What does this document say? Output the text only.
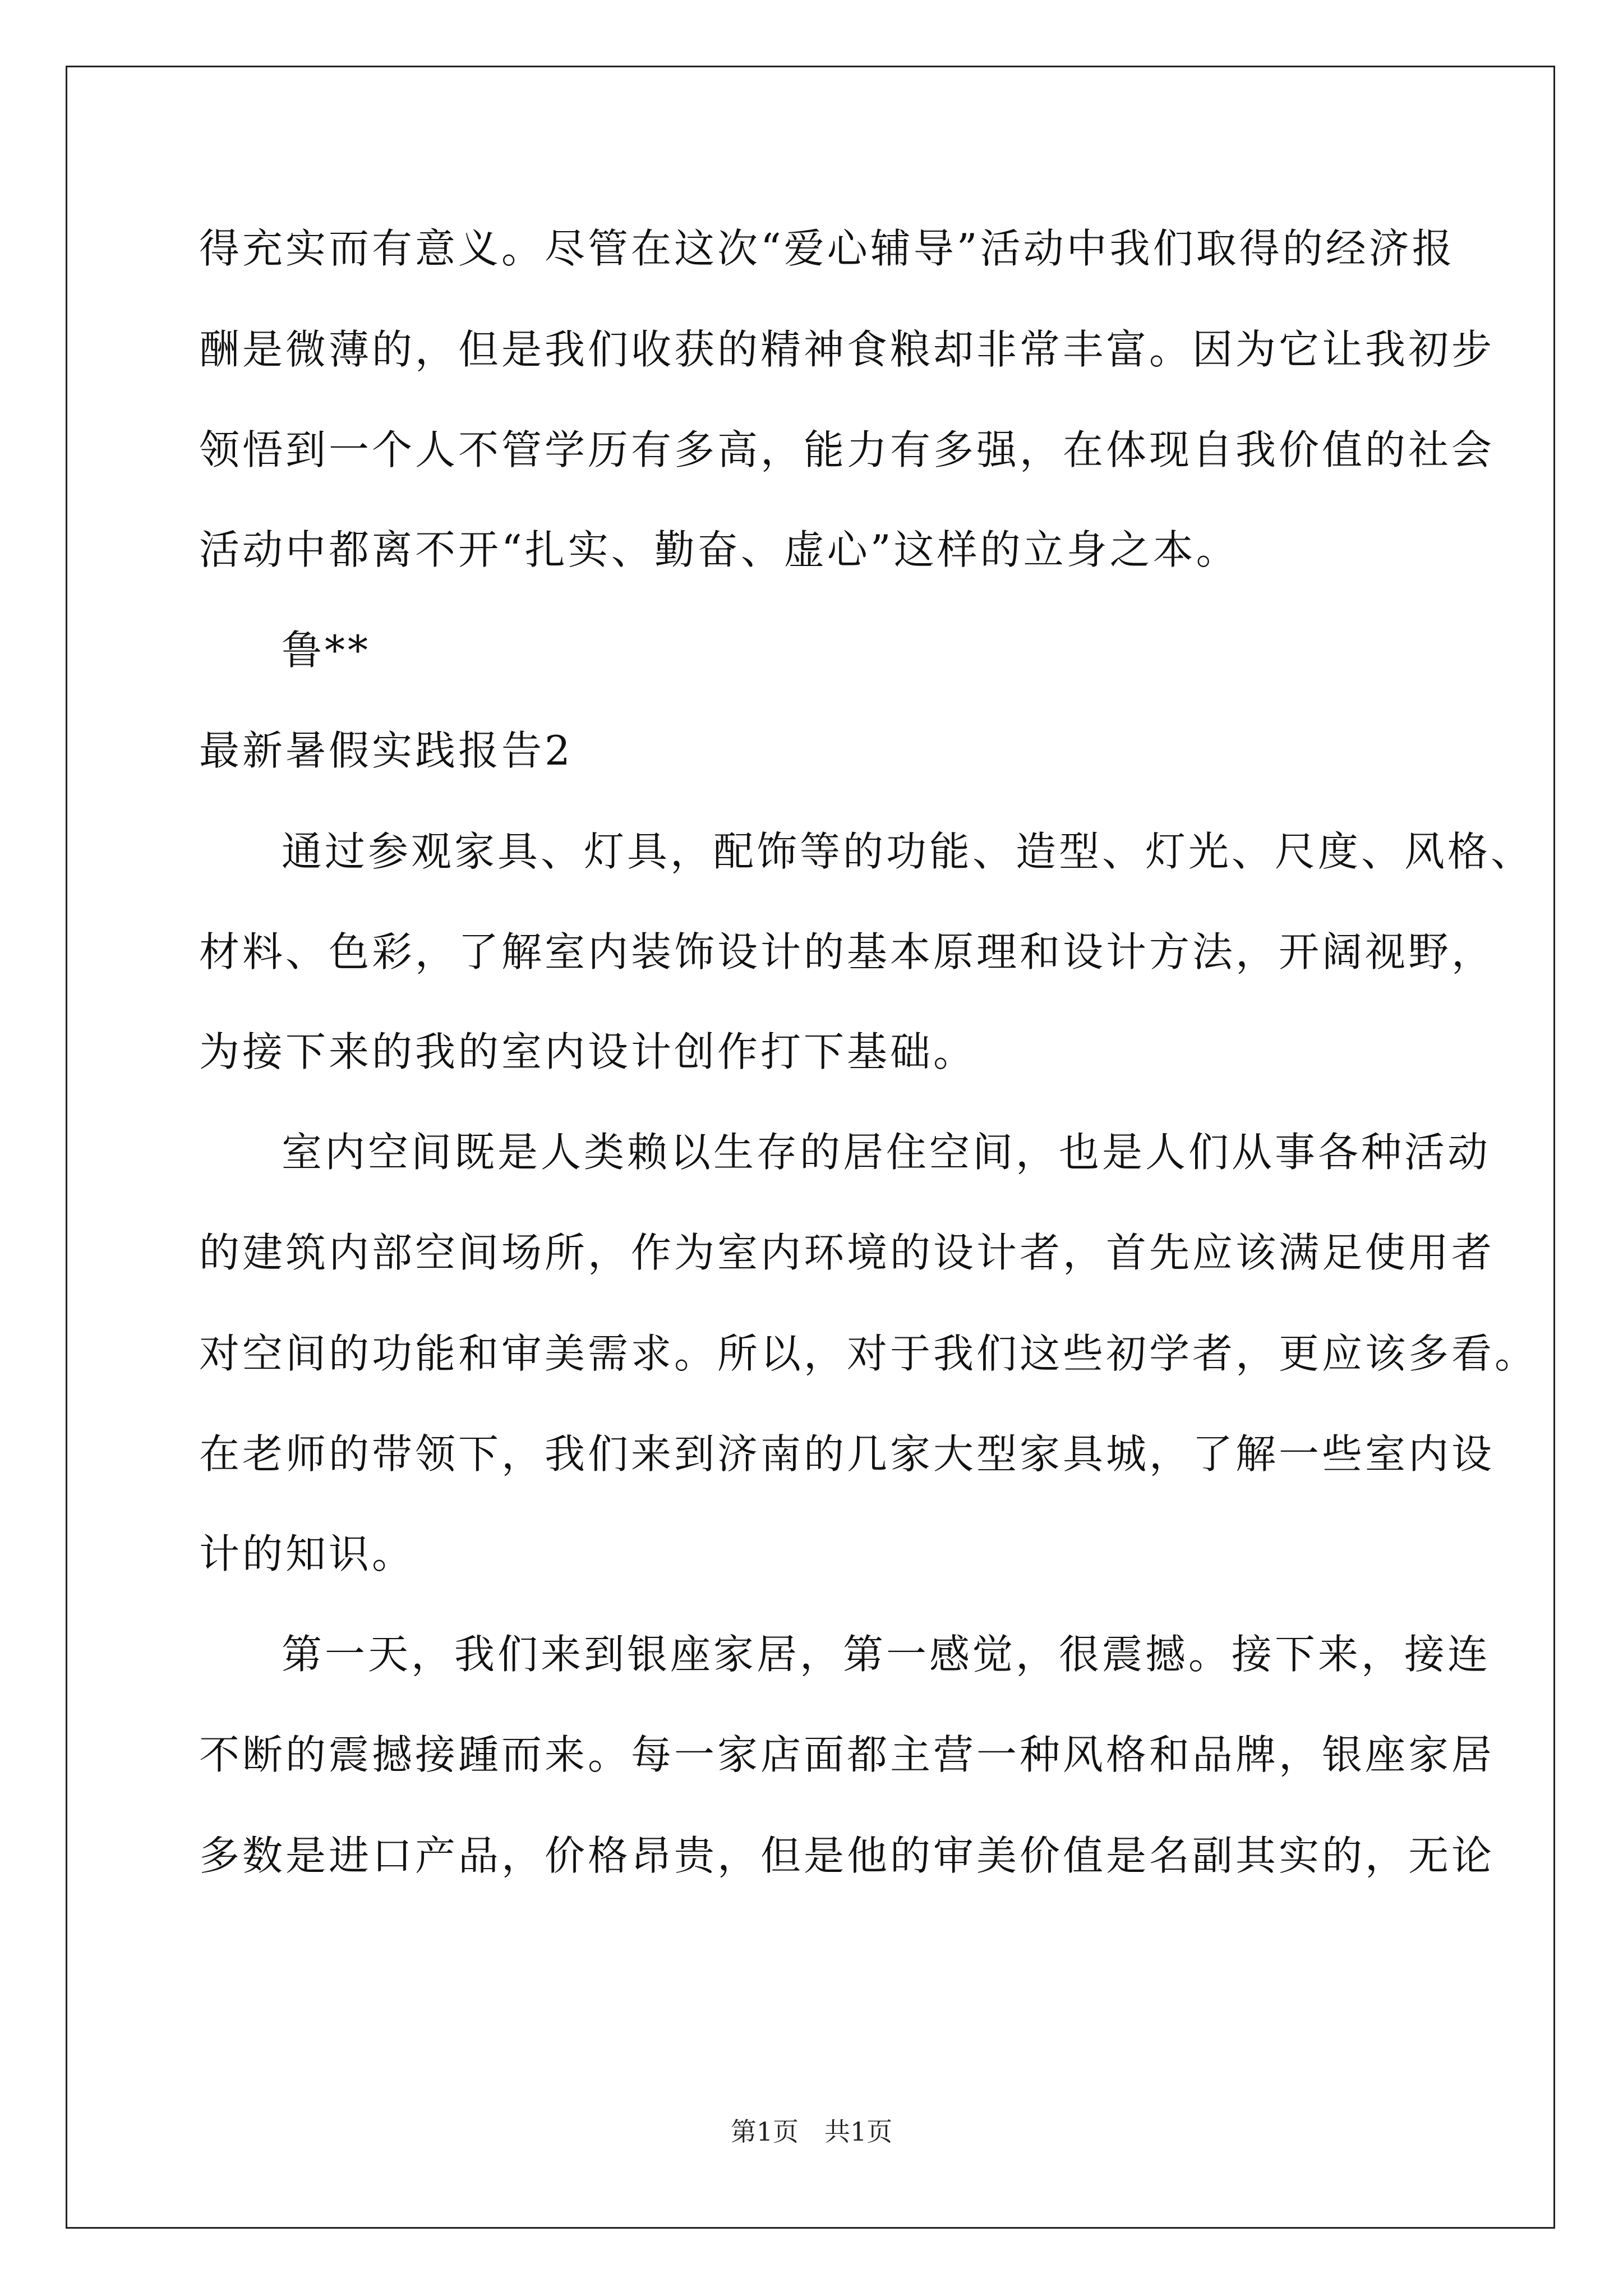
得充实而有意义。尽管在这次“爱心辅导”活动中我们取得的经济报
酬是微薄的，但是我们收获的精神食粮却非常丰富。因为它让我初步
领悟到一个人不管学历有多高，能力有多强，在体现自我价值的社会
活动中都离不开“扎实、勤奋、虚心”这样的立身之本。
鲁**
最新暑假实践报告2
通过参观家具、灯具，配饰等的功能、造型、灯光、尺度、风格、
材料、色彩，了解室内装饰设计的基本原理和设计方法，开阔视野，
为接下来的我的室内设计创作打下基础。
室内空间既是人类赖以生存的居住空间，也是人们从事各种活动
的建筑内部空间场所，作为室内环境的设计者，首先应该满足使用者
对空间的功能和审美需求。所以，对于我们这些初学者，更应该多看。
在老师的带领下，我们来到济南的几家大型家具城，了解一些室内设
计的知识。
第一天，我们来到银座家居，第一感觉，很震撼。接下来，接连
不断的震撼接踵而来。每一家店面都主营一种风格和品牌，银座家居
多数是进口产品，价格昂贵，但是他的审美价值是名副其实的，无论
第1页　共1页
